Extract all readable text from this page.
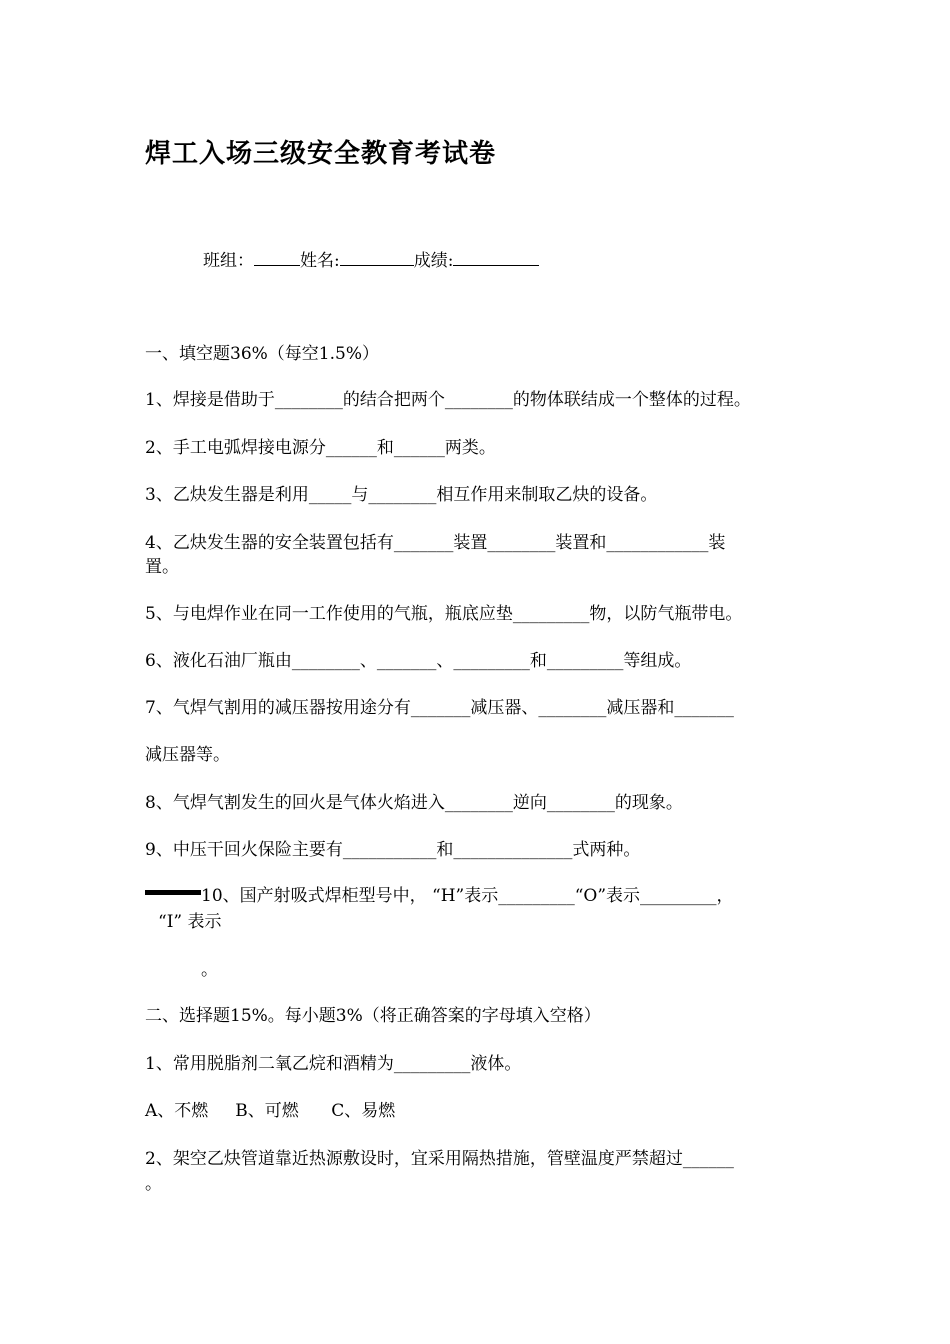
焊工入场三级安全教育考试卷
班组：	姓名:	成绩:
一、填空题36%（每空1.5%）
1、焊接是借助于________的结合把两个________的物体联结成一个整体的过程。
2、手工电弧焊接电源分______和______两类。
3、乙炔发生器是利用_____与________相互作用来制取乙炔的设备。
4、乙炔发生器的安全装置包括有_______装置________装置和____________装
置。
5、与电焊作业在同一工作使用的气瓶，瓶底应垫_________物，以防气瓶带电。
6、液化石油厂瓶由________、_______、_________和_________等组成。
7、气焊气割用的减压器按用途分有_______减压器、________减压器和_______
减压器等。
8、气焊气割发生的回火是气体火焰进入________逆向________的现象。
9、中压干回火保险主要有___________和______________式两种。
10、国产射吸式焊柜型号中， “H”表示_________“O”表示_________，
“I” 表示
。
二、选择题15%。每小题3%（将正确答案的字母填入空格）
1、常用脱脂剂二氧乙烷和酒精为_________液体。
A、不燃     B、可燃      C、易燃
2、架空乙炔管道靠近热源敷设时，宜采用隔热措施，管壁温度严禁超过______
。
